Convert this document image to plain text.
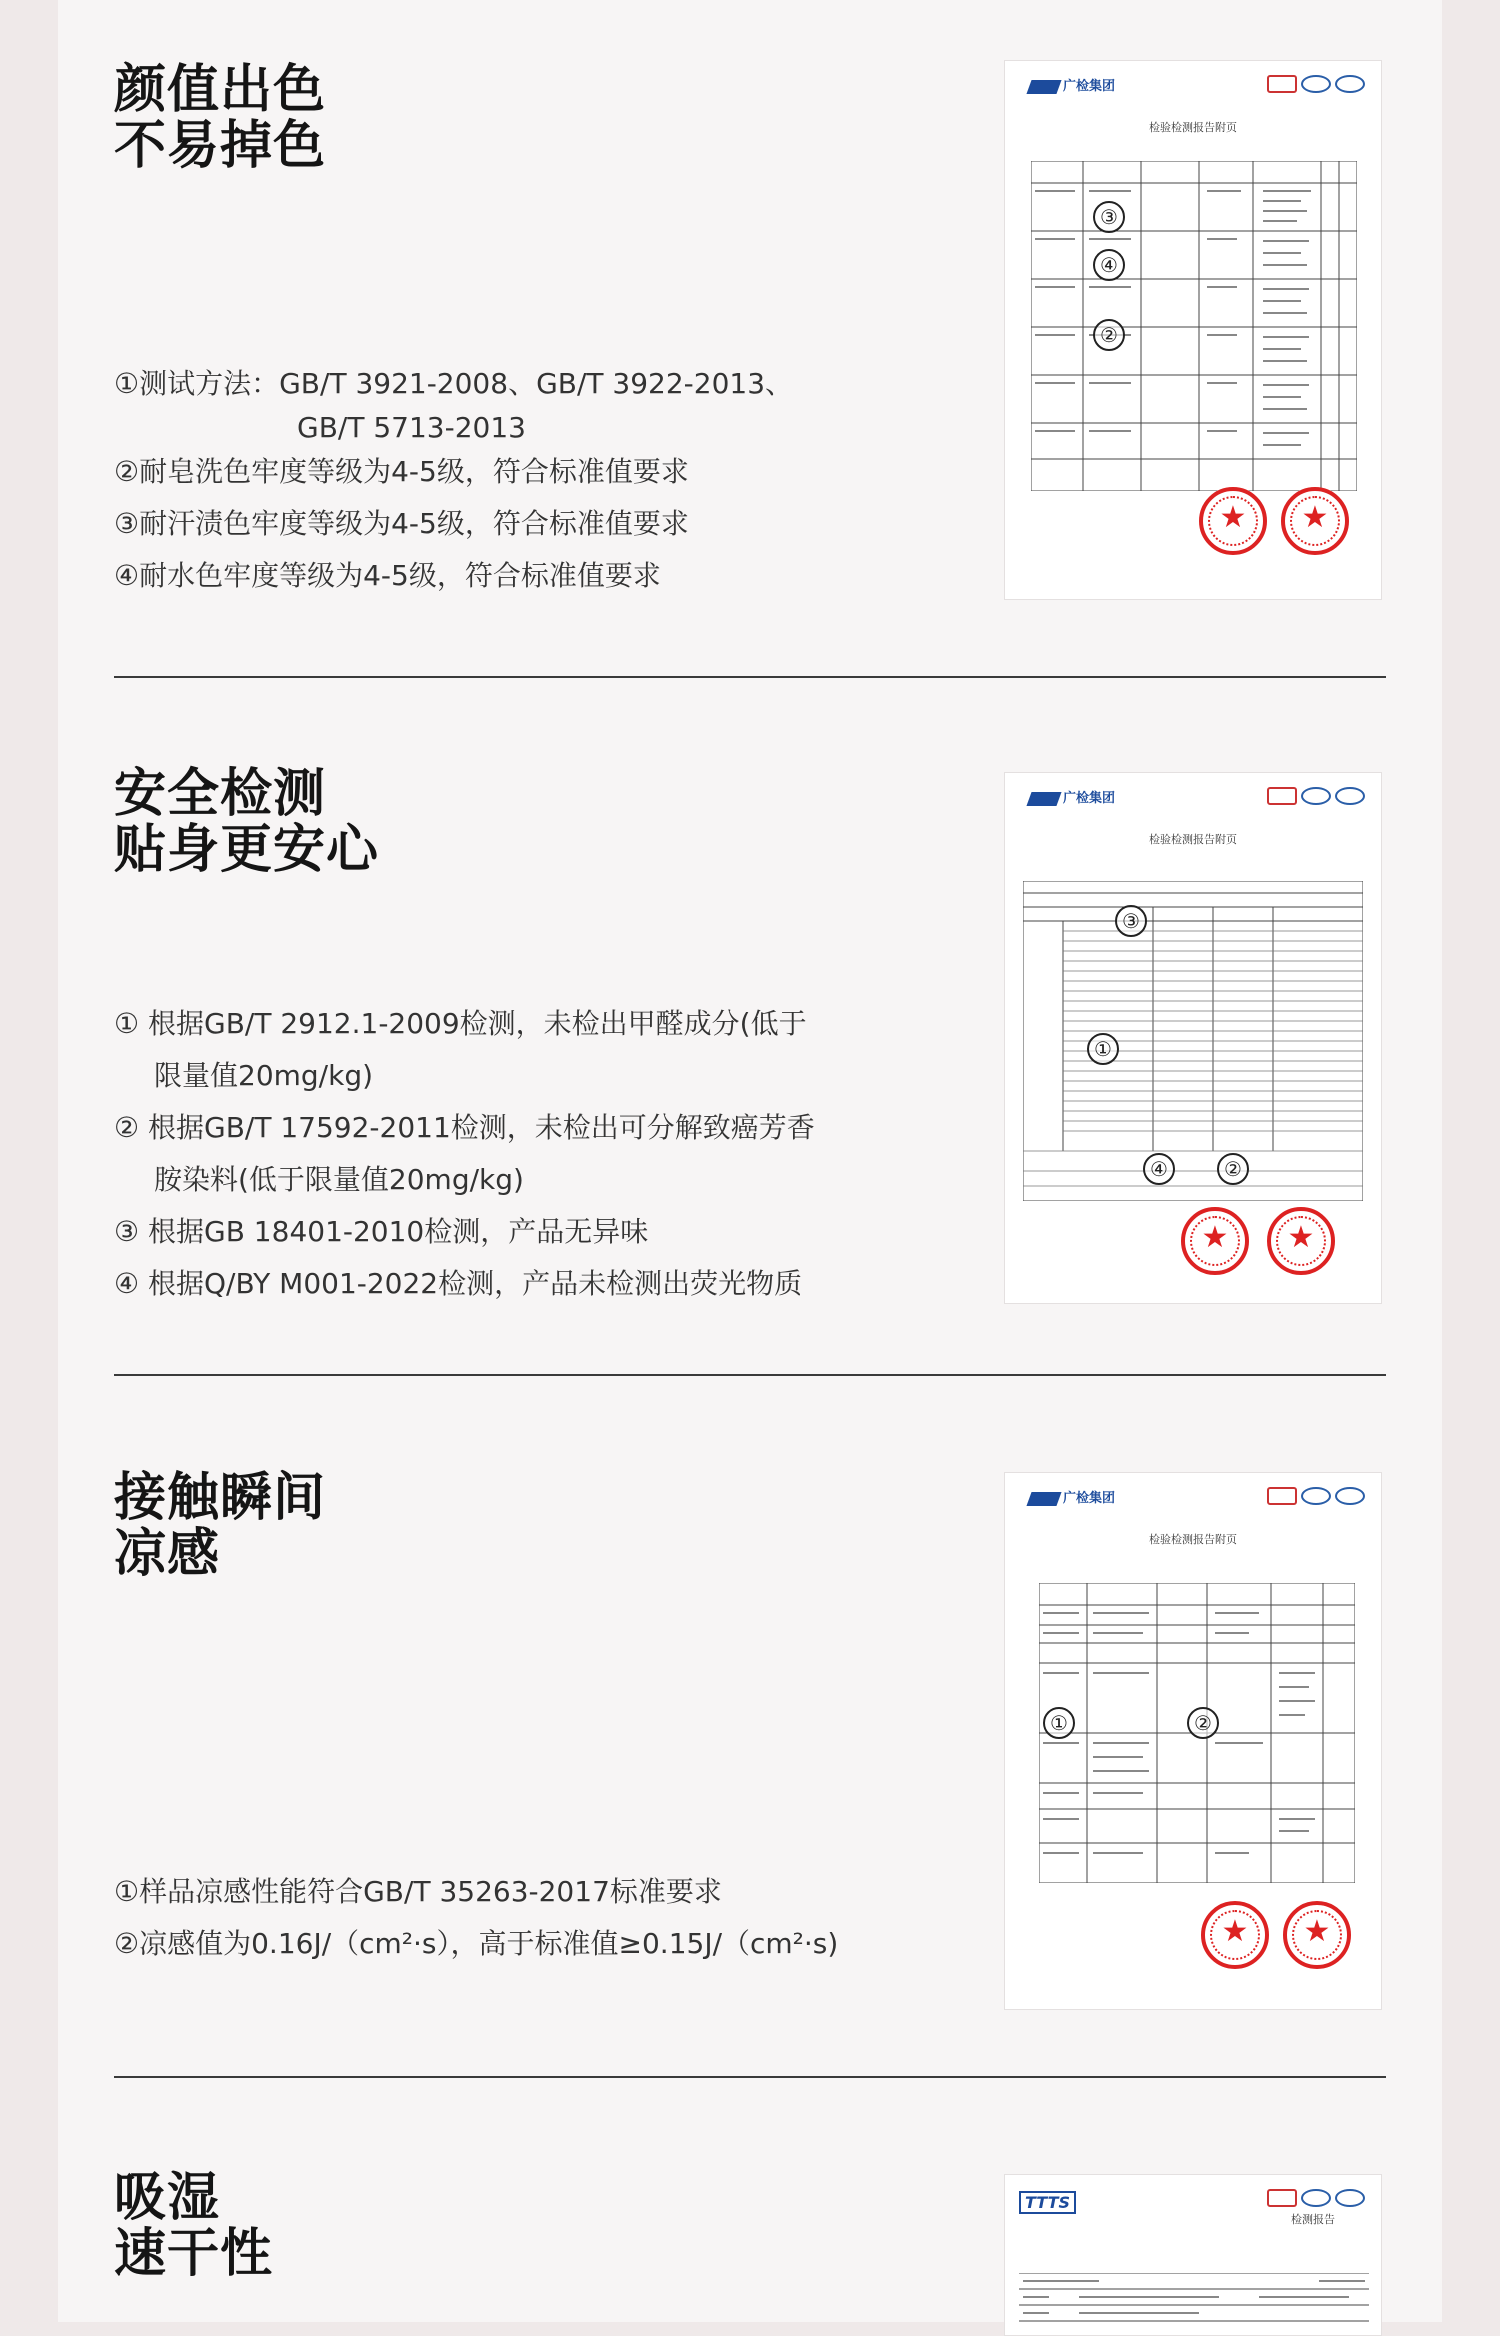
颜值出色
不易掉色
①测试方法：GB/T 3921-2008、GB/T 3922-2013、
GB/T 5713-2013
②耐皂洗色牢度等级为4-5级，符合标准值要求
③耐汗渍色牢度等级为4-5级，符合标准值要求
④耐水色牢度等级为4-5级，符合标准值要求
广检集团
检验检测报告附页
③
④
②
★
★
安全检测
贴身更安心
① 根据GB/T 2912.1-2009检测，未检出甲醛成分(低于
限量值20mg/kg)
② 根据GB/T 17592-2011检测，未检出可分解致癌芳香
胺染料(低于限量值20mg/kg)
③ 根据GB 18401-2010检测，产品无异味
④ 根据Q/BY M001-2022检测，产品未检测出荧光物质
广检集团
检验检测报告附页
③
①
④	②
★
★
接触瞬间
凉感
①样品凉感性能符合GB/T 35263-2017标准要求
②凉感值为0.16J/（cm²·s），高于标准值≥0.15J/（cm²·s)
广检集团
检验检测报告附页
①	②
★
★
吸湿
速干性
TTTS
检测报告
